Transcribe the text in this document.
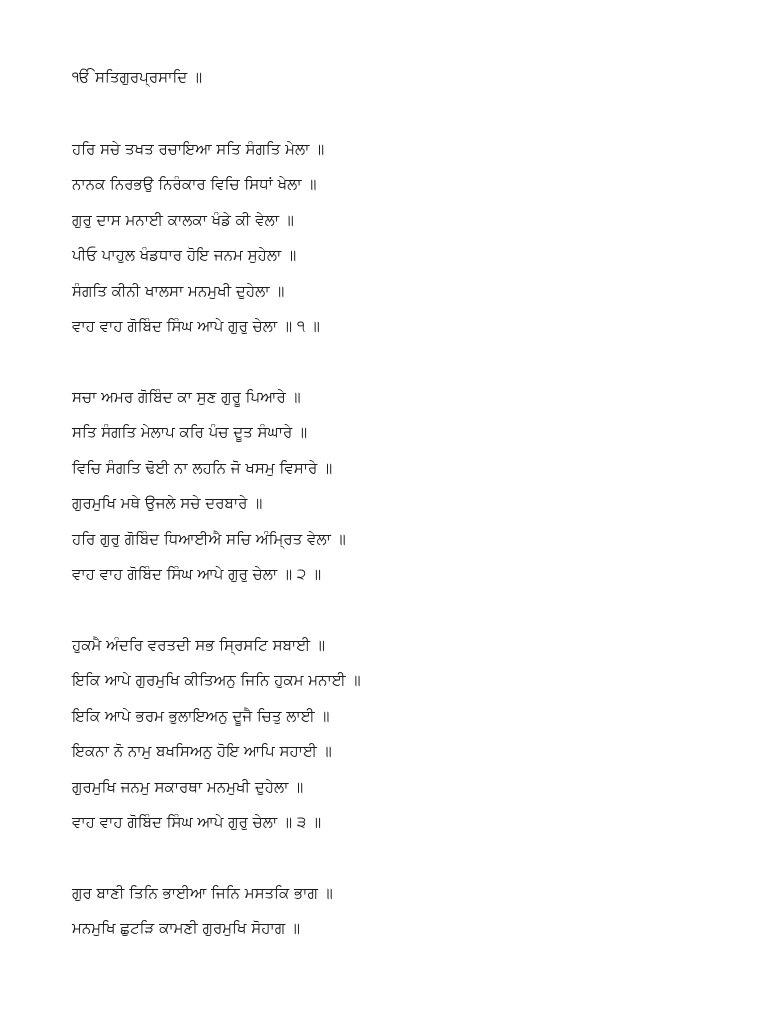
ੴ ਸਤਿਗੁਰਪ੍ਰਸਾਦਿ ॥
ਹਰਿ ਸਚੇ ਤਖਤ ਰਚਾਇਆ ਸਤਿ ਸੰਗਤਿ ਮੇਲਾ ॥
ਨਾਨਕ ਨਿਰਭਉ ਨਿਰੰਕਾਰ ਵਿਚਿ ਸਿਧਾਂ ਖੇਲਾ ॥
ਗੁਰੁ ਦਾਸ ਮਨਾਈ ਕਾਲਕਾ ਖੰਡੇ ਕੀ ਵੇਲਾ ॥
ਪੀਓ ਪਾਹੁਲ ਖੰਡਧਾਰ ਹੋਇ ਜਨਮ ਸੁਹੇਲਾ ॥
ਸੰਗਤਿ ਕੀਨੀ ਖਾਲਸਾ ਮਨਮੁਖੀ ਦੁਹੇਲਾ ॥
ਵਾਹ ਵਾਹ ਗੋਬਿੰਦ ਸਿੰਘ ਆਪੇ ਗੁਰੁ ਚੇਲਾ ॥ ੧ ॥
ਸਚਾ ਅਮਰ ਗੋਬਿੰਦ ਕਾ ਸੁਣ ਗੁਰੂ ਪਿਆਰੇ ॥
ਸਤਿ ਸੰਗਤਿ ਮੇਲਾਪ ਕਰਿ ਪੰਚ ਦੂਤ ਸੰਘਾਰੇ ॥
ਵਿਚਿ ਸੰਗਤਿ ਢੋਈ ਨਾ ਲਹਨਿ ਜੋ ਖਸਮੁ ਵਿਸਾਰੇ ॥
ਗੁਰਮੁਖਿ ਮਥੇ ਉਜਲੇ ਸਚੇ ਦਰਬਾਰੇ ॥
ਹਰਿ ਗੁਰੁ ਗੋਬਿੰਦ ਧਿਆਈਐ ਸਚਿ ਅੰਮ੍ਰਿਤ ਵੇਲਾ ॥
ਵਾਹ ਵਾਹ ਗੋਬਿੰਦ ਸਿੰਘ ਆਪੇ ਗੁਰੁ ਚੇਲਾ ॥ ੨ ॥
ਹੁਕਮੈ ਅੰਦਰਿ ਵਰਤਦੀ ਸਭ ਸ੍ਰਿਸਟਿ ਸਬਾਈ ॥
ਇਕਿ ਆਪੇ ਗੁਰਮੁਖਿ ਕੀਤਿਅਨੁ ਜਿਨਿ ਹੁਕਮ ਮਨਾਈ ॥
ਇਕਿ ਆਪੇ ਭਰਮ ਭੁਲਾਇਅਨੁ ਦੂਜੈ ਚਿਤੁ ਲਾਈ ॥
ਇਕਨਾ ਨੋ ਨਾਮੁ ਬਖਸਿਅਨੁ ਹੋਇ ਆਪਿ ਸਹਾਈ ॥
ਗੁਰਮੁਖਿ ਜਨਮੁ ਸਕਾਰਥਾ ਮਨਮੁਖੀ ਦੁਹੇਲਾ ॥
ਵਾਹ ਵਾਹ ਗੋਬਿੰਦ ਸਿੰਘ ਆਪੇ ਗੁਰੁ ਚੇਲਾ ॥ ੩ ॥
ਗੁਰ ਬਾਣੀ ਤਿਨਿ ਭਾਈਆ ਜਿਨਿ ਮਸਤਕਿ ਭਾਗ ॥
ਮਨਮੁਖਿ ਛੁਟੜਿ ਕਾਮਣੀ ਗੁਰਮੁਖਿ ਸੋਹਾਗ ॥
